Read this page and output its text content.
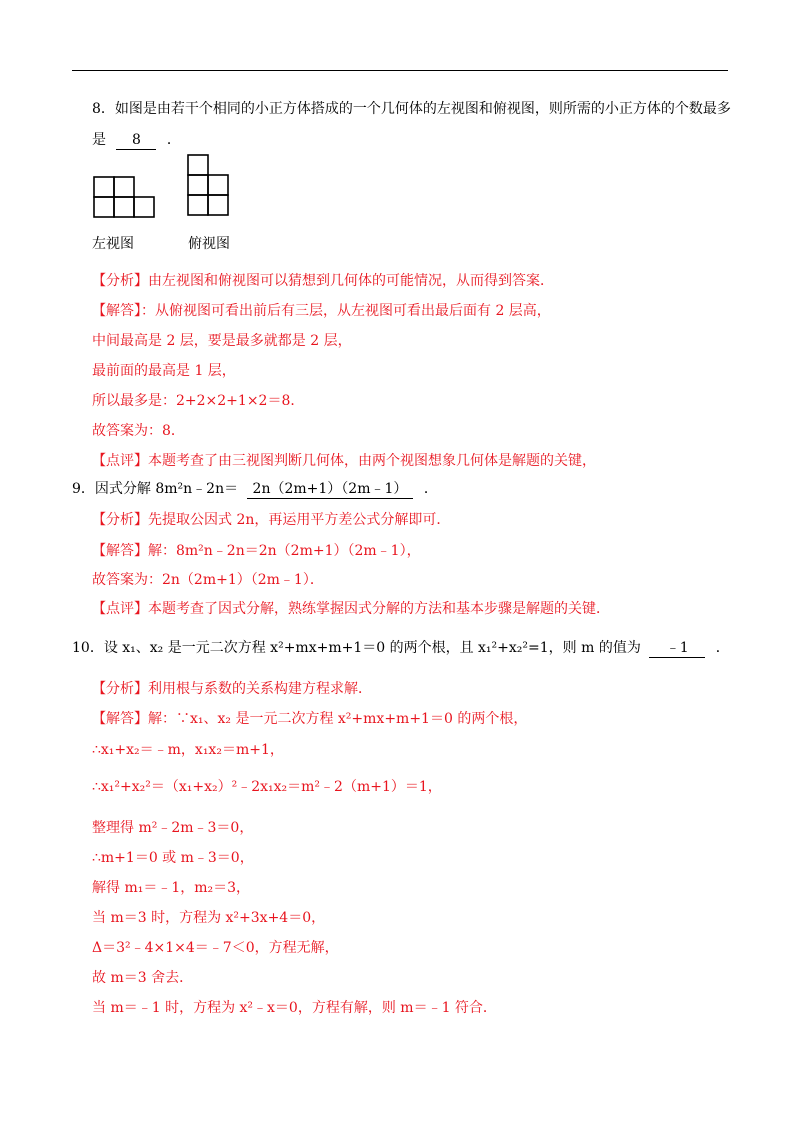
8．如图是由若干个相同的小正方体搭成的一个几何体的左视图和俯视图，则所需的小正方体的个数最多
是 8 ．
左视图	俯视图
【分析】由左视图和俯视图可以猜想到几何体的可能情况，从而得到答案．
【解答】：从俯视图可看出前后有三层，从左视图可看出最后面有 2 层高，
中间最高是 2 层，要是最多就都是 2 层，
最前面的最高是 1 层，
所以最多是：2+2×2+1×2＝8．
故答案为：8．
【点评】本题考查了由三视图判断几何体，由两个视图想象几何体是解题的关键，
9．因式分解 8m²n﹣2n＝ 2n（2m+1）（2m﹣1） ．
【分析】先提取公因式 2n，再运用平方差公式分解即可．
【解答】解：8m²n﹣2n＝2n（2m+1）（2m﹣1），
故答案为：2n（2m+1）（2m﹣1）．
【点评】本题考查了因式分解，熟练掌握因式分解的方法和基本步骤是解题的关键．
10．设 x₁、x₂ 是一元二次方程 x²+mx+m+1＝0 的两个根，且 x₁²+x₂²=1，则 m 的值为 ﹣1 ．
【分析】利用根与系数的关系构建方程求解．
【解答】解：∵x₁、x₂ 是一元二次方程 x²+mx+m+1＝0 的两个根，
∴x₁+x₂＝﹣m，x₁x₂＝m+1，
∴x₁²+x₂²＝（x₁+x₂）²﹣2x₁x₂＝m²﹣2（m+1）＝1，
整理得 m²﹣2m﹣3＝0，
∴m+1＝0 或 m﹣3＝0，
解得 m₁＝﹣1，m₂＝3，
当 m＝3 时，方程为 x²+3x+4＝0，
Δ＝3²﹣4×1×4＝﹣7＜0，方程无解，
故 m＝3 舍去．
当 m＝﹣1 时，方程为 x²﹣x＝0，方程有解，则 m＝﹣1 符合．
